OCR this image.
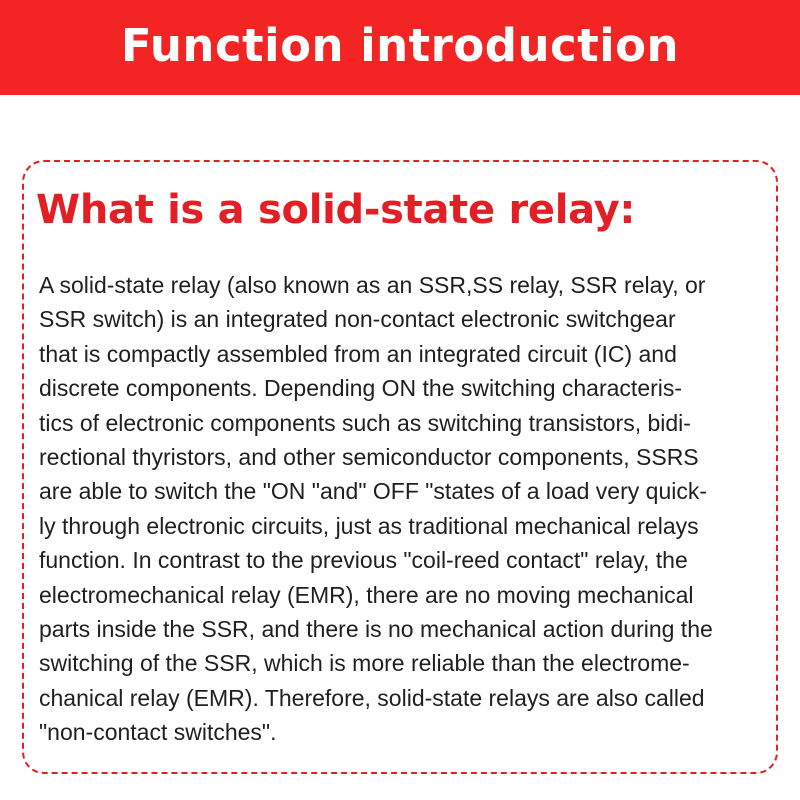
Function introduction
What is a solid-state relay:

A solid-state relay (also known as an SSR,SS relay, SSR relay, or
SSR switch) is an integrated non-contact electronic switchgear
that is compactly assembled from an integrated circuit (IC) and
discrete components. Depending ON the switching characteris-
tics of electronic components such as switching transistors, bidi-
rectional thyristors, and other semiconductor components, SSRS
are able to switch the "ON "and" OFF "states of a load very quick-
ly through electronic circuits, just as traditional mechanical relays
function. In contrast to the previous "coil-reed contact" relay, the
electromechanical relay (EMR), there are no moving mechanical
parts inside the SSR, and there is no mechanical action during the
switching of the SSR, which is more reliable than the electrome-
chanical relay (EMR). Therefore, solid-state relays are also called
"non-contact switches".
